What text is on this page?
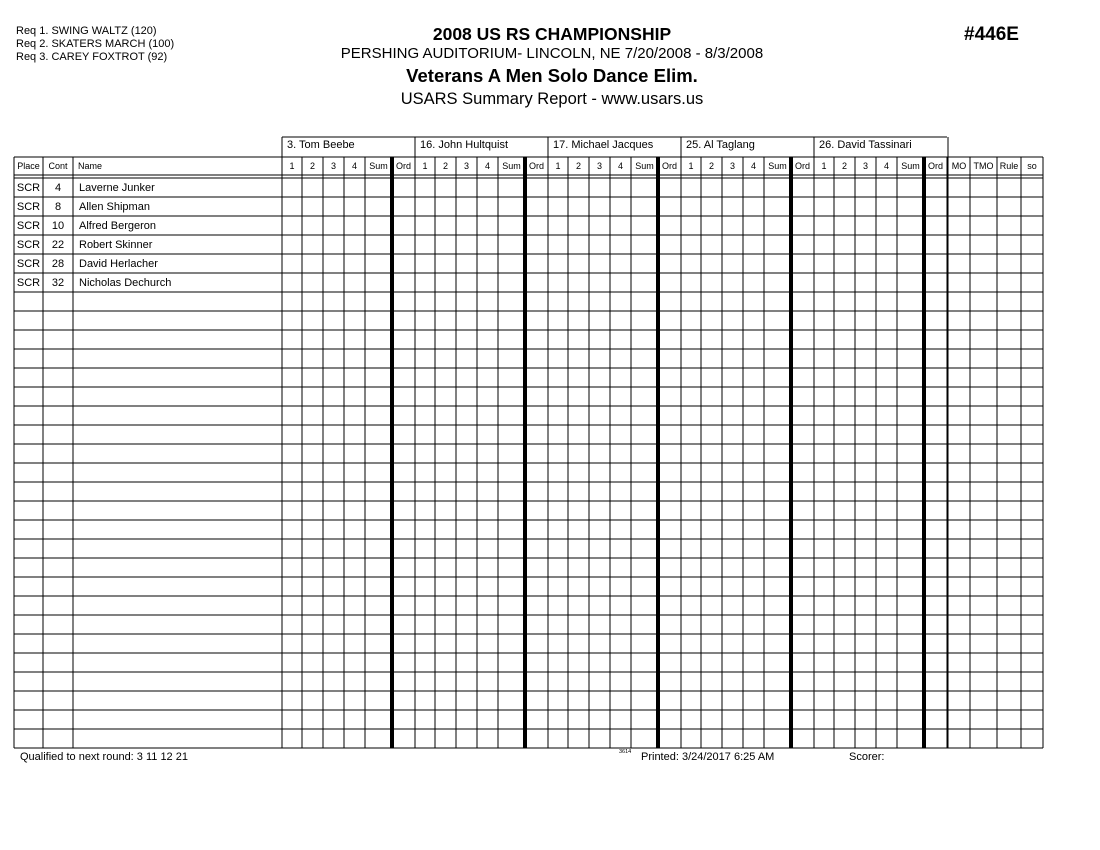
Req 1. SWING WALTZ (120)
Req 2. SKATERS MARCH (100)
Req 3. CAREY FOXTROT (92)
2008 US RS CHAMPIONSHIP
PERSHING AUDITORIUM- LINCOLN, NE 7/20/2008 - 8/3/2008
Veterans A Men Solo Dance Elim.
USARS Summary Report - www.usars.us
#446E
3. Tom Beebe	16. John Hultquist	17. Michael Jacques	25. Al Taglang	26. David Tassinari
Place Cont Name	1 2 3 4 Sum Ord 1 2 3 4 Sum Ord 1 2 3 4 Sum Ord 1 2 3 4 Sum Ord 1 2 3 4 Sum Ord MO TMO Rule so
SCR 4 Laverne Junker
SCR 8 Allen Shipman
SCR 10 Alfred Bergeron
SCR 22 Robert Skinner
SCR 28 David Herlacher
SCR 32 Nicholas Dechurch
Qualified to next round: 3 11 12 21	3614 Printed: 3/24/2017 6:25 AM	Scorer:
